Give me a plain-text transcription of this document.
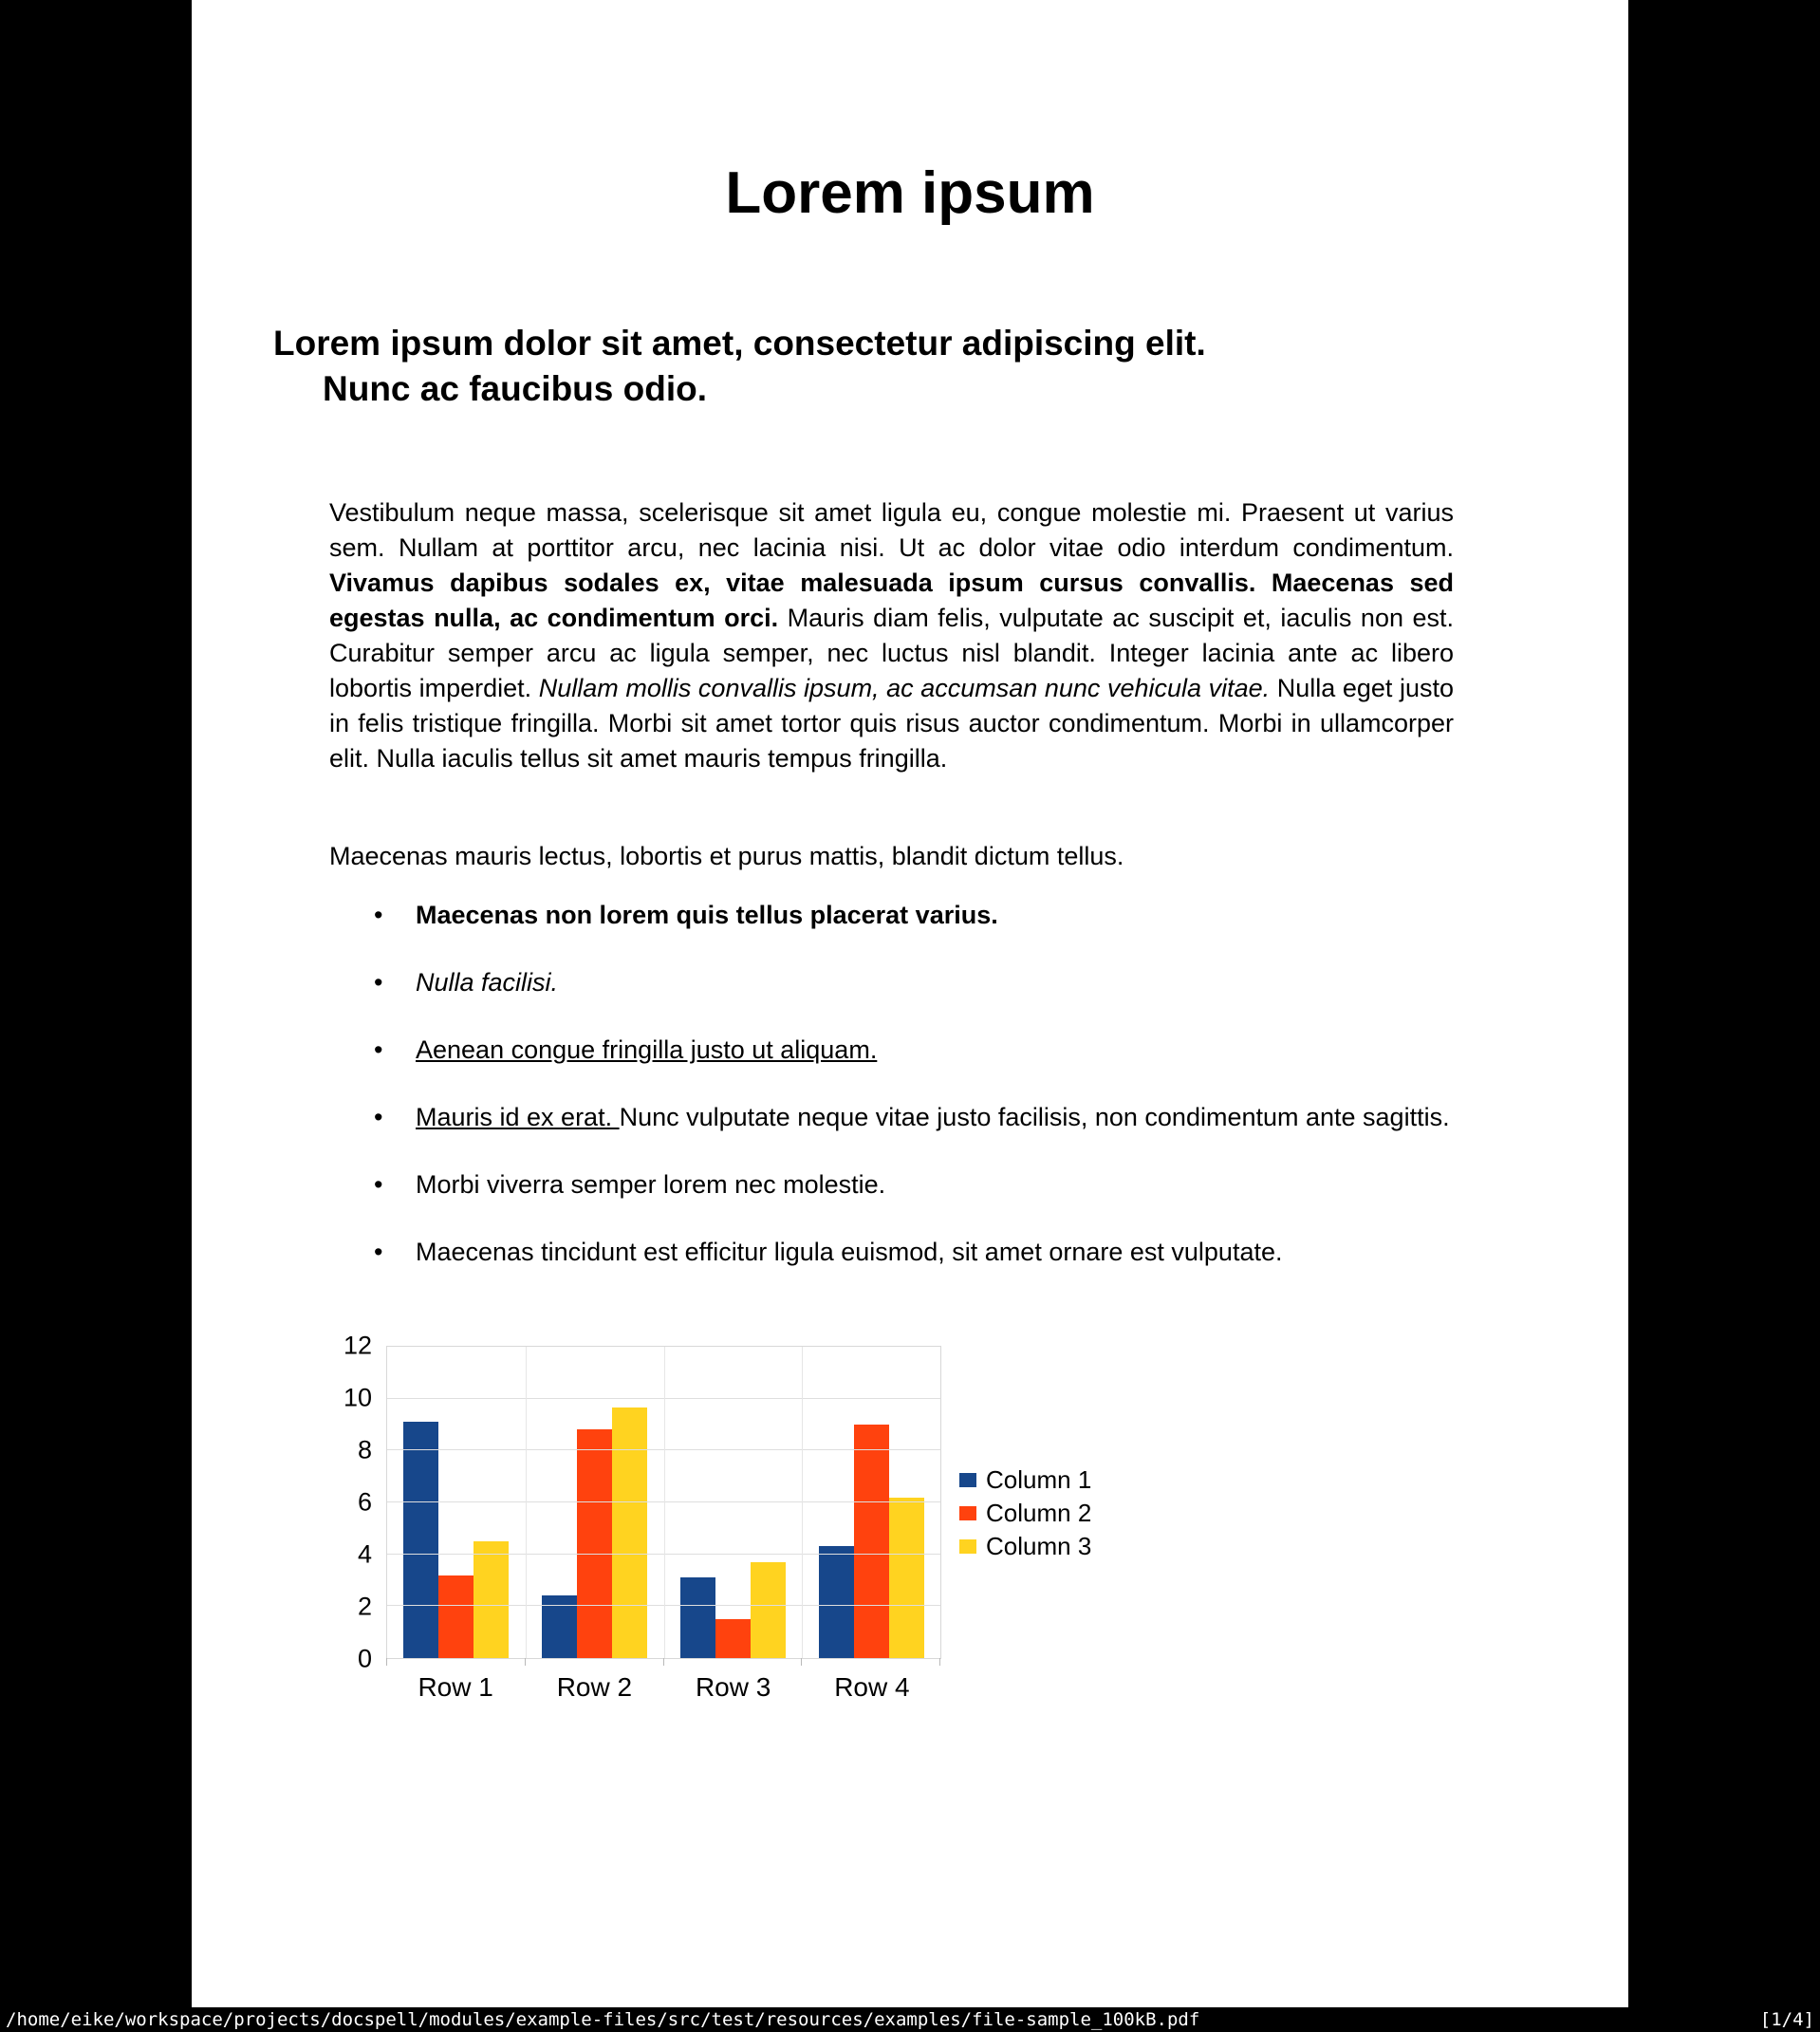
Lorem ipsum
Lorem ipsum dolor sit amet, consectetur adipiscing elit.
Nunc ac faucibus odio.
Vestibulum neque massa, scelerisque sit amet ligula eu, congue molestie mi. Praesent ut varius sem. Nullam at porttitor arcu, nec lacinia nisi. Ut ac dolor vitae odio interdum condimentum. Vivamus dapibus sodales ex, vitae malesuada ipsum cursus convallis. Maecenas sed egestas nulla, ac condimentum orci. Mauris diam felis, vulputate ac suscipit et, iaculis non est. Curabitur semper arcu ac ligula semper, nec luctus nisl blandit. Integer lacinia ante ac libero lobortis imperdiet. Nullam mollis convallis ipsum, ac accumsan nunc vehicula vitae. Nulla eget justo in felis tristique fringilla. Morbi sit amet tortor quis risus auctor condimentum. Morbi in ullamcorper elit. Nulla iaculis tellus sit amet mauris tempus fringilla.
Maecenas mauris lectus, lobortis et purus mattis, blandit dictum tellus.
• Maecenas non lorem quis tellus placerat varius.
• Nulla facilisi.
• Aenean congue fringilla justo ut aliquam.
• Mauris id ex erat. Nunc vulputate neque vitae justo facilisis, non condimentum ante sagittis.
• Morbi viverra semper lorem nec molestie.
• Maecenas tincidunt est efficitur ligula euismod, sit amet ornare est vulputate.
0
2
4
6
8
10
12
Row 1	Row 2	Row 3	Row 4
Column 1
Column 2
Column 3
/home/eike/workspace/projects/docspell/modules/example-files/src/test/resources/examples/file-sample_100kB.pdf	[1/4]
